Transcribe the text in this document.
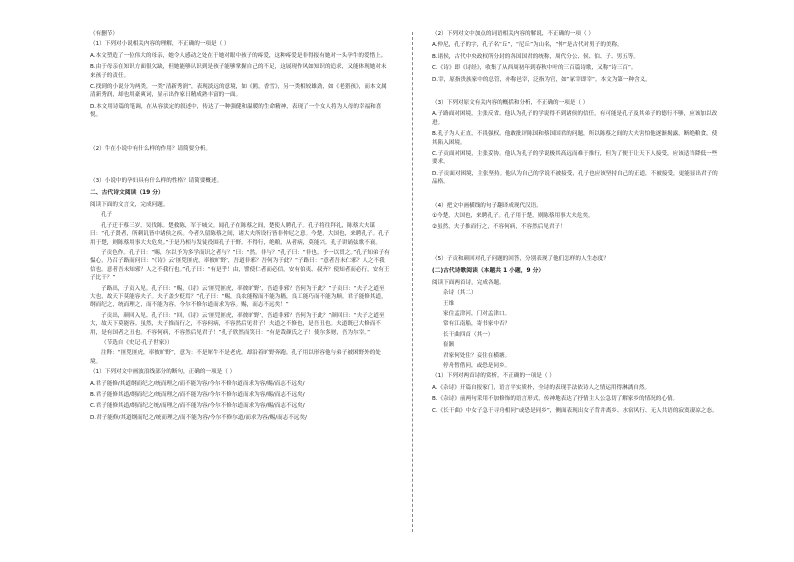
（有删节）

（1）下列对小说相关内容的理解，不正确的一项是（ ）

A.本文塑造了一位伟大的母亲，她令人感动之处在于她对眼中孩子的疼爱，这种疼爱是非得报有她对一头孕牛的爱惜上。

B.由于母亲在知识方面很欠缺，但她能够认识到是孩子能够掌握自己的不足，这展现作风如知识的追求，又能体现她对未来孩子的责任。

C.找到的小说分为两类，一类“清新秀润”，表现淡远的意境，如《鸥，香雪》，另一类相较雄劲，如《老猎孩》，而本文属清新秀润，却也用豪爽词，显示出作家日精成熟丰富的一面。

D.本文用诗篇的笔调，在从容淡定的叙述中，传达了一种强健和温暖的生命精神，表现了一个女人将为人母的幸福和喜悦。

（2）牛在小说中有什么样的作用？请简要分析。

（3）小说中的孕妇具有什么样的性格？请简要概述。

二、古代诗文阅读（19 分）

阅读下面的文言文，完成问题。

孔子

孔子迁于蔡三岁，吴伐陈。楚救陈，军于城父。闻孔子在陈蔡之间，楚使人聘孔子。孔子将往拜礼，陈蔡大夫谋曰：“孔子贤者，所刺讥皆中诸侯之疾。今者久留陈蔡之间，诸大夫所设行皆非仲尼之意。今楚，大国也，来聘孔子。孔子用于楚，则陈蔡用事大夫危矣。”于是乃相与发徒役围孔子于野。不得行，绝粮，从者病，莫能兴。孔子讲诵弦歌不衰。

子贡色作。孔子曰：“赐，尔以予为多学而识之者与？”曰：“然。非与？”孔子曰：“非也。予一以贯之。”孔子知弟子有愠心，乃召子路而问曰：“《诗》云‘匪兕匪虎，率彼旷野’，吾道非邪？吾何为于此？”子路曰：“意者吾未仁邪？人之不我信也。意者吾未知邪？人之不我行也。”孔子曰：“有是乎！由，譬使仁者而必信，安有伯夷、叔齐？使知者而必行，安有王子比干？”

子路出，子贡入见。孔子曰：“赐，《诗》云‘匪兕匪虎，率彼旷野’，吾道非邪？吾何为于此？”子贡曰：“夫子之道至大也，故天下莫能容夫子。夫子盖少贬焉？”孔子曰：“赐，良农能稼而不能为穑，良工能巧而不能为顺。君子能修其道，纲而纪之，统而理之，而不能为容。今尔不修尔道而求为容。赐，而志不远矣！”

子贡出，颜回入见。孔子曰：“回，《诗》云‘匪兕匪虎，率彼旷野’，吾道非邪？吾何为于此？”颜回曰：“夫子之道至大，故天下莫能容。虽然，夫子推而行之，不容何病，不容然后见君子！夫道之不修也，是吾丑也。夫道既已大修而不用，是有国者之丑也。不容何病，不容然后见君子！”孔子欣然而笑曰：“有是哉颜氏之子！使尔多财，吾为尔宰。”

（节选自《史记·孔子世家》）

注释：“匪兕匪虎，率彼旷野”，意为：不是犀牛不是老虎，却沿着旷野奔跑。孔子用以形容他与弟子被困野外的处境。

（1）下列对文中画波浪线部分的断句，正确的一项是（ ）

A.君子能修/其道纲而纪之/统而理之/而不能为容/今尔不修尔道而求为容/赐/而志不远矣/

B.君子能修其道/纲而纪之/统而理之/而不能为容/今尔不修尔道而求为容/赐/而志不远矣/

C.君子能修其道/纲而纪之统/而理之/而不能为容/今尔不修尔道而求为容/赐/而志不远矣/

D.君子能修/其道纲而纪之/统而理之/而不能为容/今尔不修尔道/而求为容/赐/而志不远矣/

（2）下列对文中加点的词语相关内容的解说，不正确的一项（ ）

A.仲尼，孔子的字，孔子名“丘”，“尼丘”为山名，“仲”是古代对男子的美称。

B.诸侯，古代中央政权所分封的各国国君的统称，周代分公、侯、伯、子、男五等。

C.《诗》即《诗经》，收集了从西周初年到春秋中叶的三百篇诗歌，又称“诗三百”。

D.宰，原指贵族家中的总管，亦称邑宰，泛指为官，如“冢宰即宰”。本文为第一种含义。

（3）下列对原文有关内容的概括和分析，不正确的一项是（ ）

A.子路面对困境，主张反省。他认为孔子的学说得不到诸侯的信任，有可能是孔子及其弟子的德行不够，应该加以改进。

B.孔子为人正直，不畏强权。他敢批评陈国和蔡国国君的问题，所以陈蔡之间的大夫害怕他逐渐揭露，断绝粮食，使其陷入困境。

C.子贡面对困境，主张妥协。他认为孔子的学说极其高远而难于推行，但为了便于让天下人接受，应该适当降低一些要求。

D.子贡面对困境，主张坚持。他认为自己的学说不被接受，孔子也应该坚持自己的正道，不被接受，更能显出君子的品格。

（4）把文中画横线的句子翻译成现代汉语。

①今楚，大国也，来聘孔子。孔子用于楚，则陈蔡用事大夫危矣。

②虽然，夫子推而行之，不容何病，不容然后见君子！

（5）子贡和颜回对孔子问题的回答，分别表现了他们怎样的人生态度？

(二)古代诗歌阅读（本题共 1 小题，9 分）

阅读下面两首诗，完成各题。

杂诗（其二）

王维

家住孟津河，门对孟津口。

常有江南船，寄书家中否？

长干曲四首（其一）

崔颢

君家何处住？妾住在横塘。

停舟暂借问，或恐是同乡。

（1）下列对两首诗的赏析，不正确的一项是（ ）

A.《杂诗》开篇自报家门，语言平实质朴，全诗的表现手法依诗人之情运用得淋漓自然。

B.《杂诗》前两句采用不加修饰的语言形式，传神地表达了抒情主人公急切了解家乡的情况的心情。

C.《长干曲》中女子急于寻舟相问“或恐是同乡”，侧面表现出女子背井离乡、水宿风行、无人共语的寂寞凄凉之态。
